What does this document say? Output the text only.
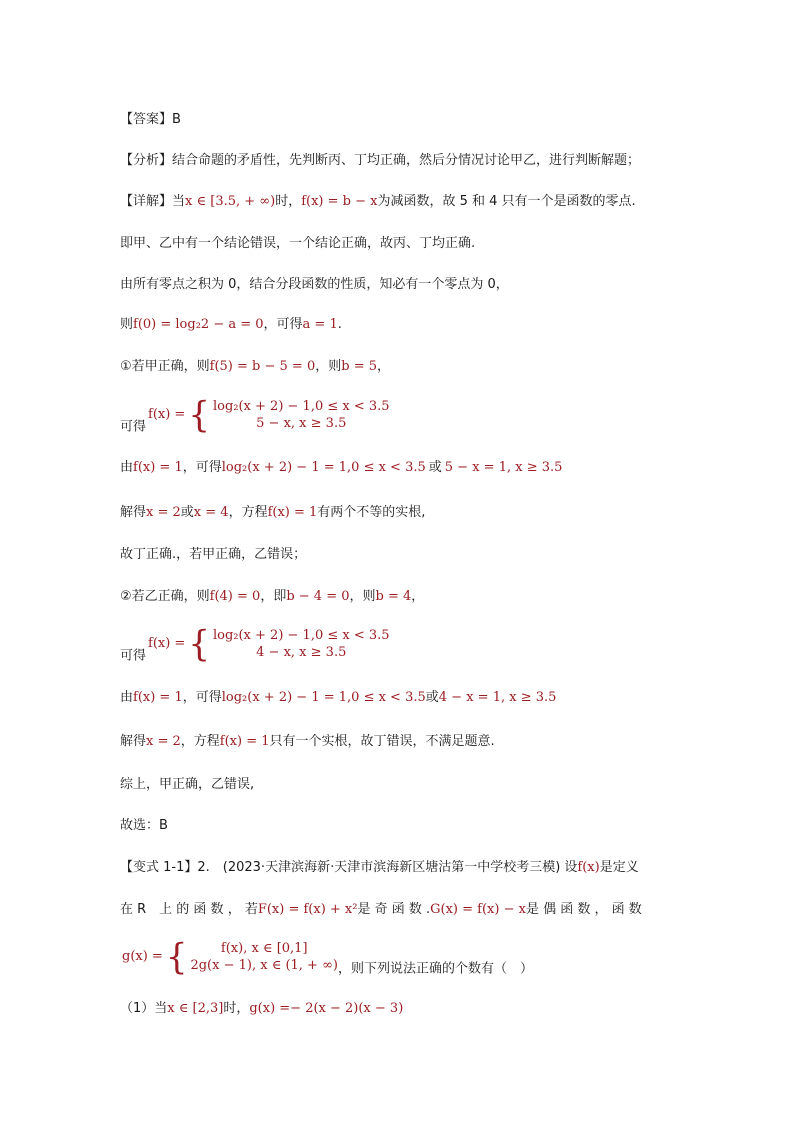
【答案】B
【分析】结合命题的矛盾性，先判断丙、丁均正确，然后分情况讨论甲乙，进行判断解题；
【详解】当x ∈ [3.5, + ∞)时，f(x) = b − x为减函数，故 5 和 4 只有一个是函数的零点.
即甲、乙中有一个结论错误，一个结论正确，故丙、丁均正确.
由所有零点之积为 0，结合分段函数的性质，知必有一个零点为 0，
则f(0) = log₂2 − a = 0，可得a = 1.
①若甲正确，则f(5) = b − 5 = 0，则b = 5，
可得
f(x) = { log₂(x + 2) − 1,0 ≤ x < 3.5
5 − x, x ≥ 3.5
由f(x) = 1，可得log₂(x + 2) − 1 = 1,0 ≤ x < 3.5 或 5 − x = 1, x ≥ 3.5
解得x = 2或x = 4，方程f(x) = 1有两个不等的实根,
故丁正确.，若甲正确，乙错误；
②若乙正确，则f(4) = 0，即b − 4 = 0，则b = 4，
可得
f(x) = { log₂(x + 2) − 1,0 ≤ x < 3.5
4 − x, x ≥ 3.5
由f(x) = 1，可得log₂(x + 2) − 1 = 1,0 ≤ x < 3.5或4 − x = 1, x ≥ 3.5
解得x = 2，方程f(x) = 1只有一个实根，故丁错误，不满足题意.
综上，甲正确，乙错误,
故选：B
【变式 1-1】2.　(2023·天津滨海新·天津市滨海新区塘沽第一中学校考三模) 设f(x)是定义
在 R　上 的 函 数 ， 若F(x) = f(x) + x²是 奇 函 数 .G(x) = f(x) − x是 偶 函 数 ， 函 数
g(x) = {	f(x), x ∈ [0,1]
2g(x − 1), x ∈ (1, + ∞) ，则下列说法正确的个数有（　）
（1）当x ∈ [2,3]时，g(x) =− 2(x − 2)(x − 3)
